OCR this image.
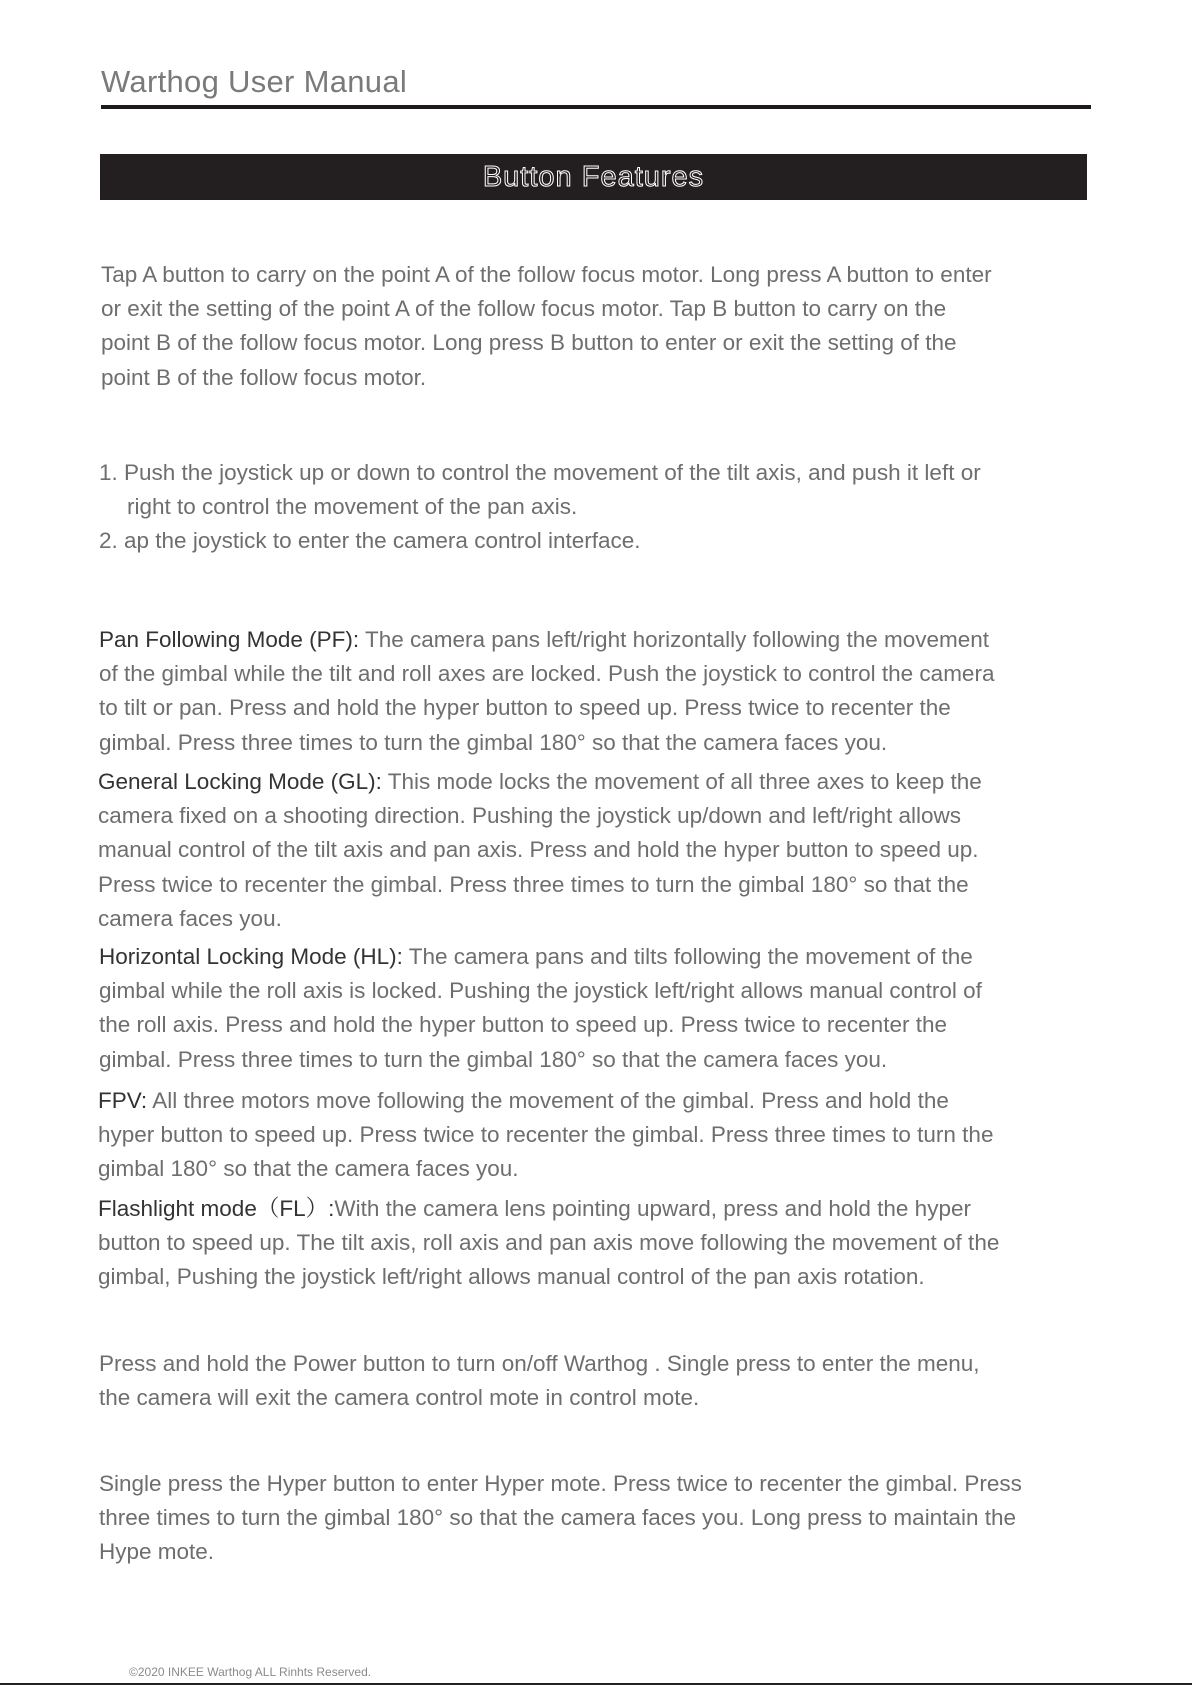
Warthog User Manual
Button Features
Tap A button to carry on the point A of the follow focus motor. Long press A button to enter
or exit the setting of the point A of the follow focus motor. Tap B button to carry on the
point B of the follow focus motor. Long press B button to enter or exit the setting of the
point B of the follow focus motor.
1. Push the joystick up or down to control the movement of the tilt axis, and push it left or
right to control the movement of the pan axis.
2. ap the joystick to enter the camera control interface.
Pan Following Mode (PF): The camera pans left/right horizontally following the movement
of the gimbal while the tilt and roll axes are locked. Push the joystick to control the camera
to tilt or pan. Press and hold the hyper button to speed up. Press twice to recenter the
gimbal. Press three times to turn the gimbal 180° so that the camera faces you.
General Locking Mode (GL): This mode locks the movement of all three axes to keep the
camera fixed on a shooting direction. Pushing the joystick up/down and left/right allows
manual control of the tilt axis and pan axis. Press and hold the hyper button to speed up.
Press twice to recenter the gimbal. Press three times to turn the gimbal 180° so that the
camera faces you.
Horizontal Locking Mode (HL): The camera pans and tilts following the movement of the
gimbal while the roll axis is locked. Pushing the joystick left/right allows manual control of
the roll axis. Press and hold the hyper button to speed up. Press twice to recenter the
gimbal. Press three times to turn the gimbal 180° so that the camera faces you.
FPV: All three motors move following the movement of the gimbal. Press and hold the
hyper button to speed up. Press twice to recenter the gimbal. Press three times to turn the
gimbal 180° so that the camera faces you.
Flashlight mode（FL）:With the camera lens pointing upward, press and hold the hyper
button to speed up. The tilt axis, roll axis and pan axis move following the movement of the
gimbal, Pushing the joystick left/right allows manual control of the pan axis rotation.
Press and hold the Power button to turn on/off Warthog . Single press to enter the menu,
the camera will exit the camera control mote in control mote.
Single press the Hyper button to enter Hyper mote. Press twice to recenter the gimbal. Press
three times to turn the gimbal 180° so that the camera faces you. Long press to maintain the
Hype mote.
©2020 INKEE Warthog ALL Rinhts Reserved.
